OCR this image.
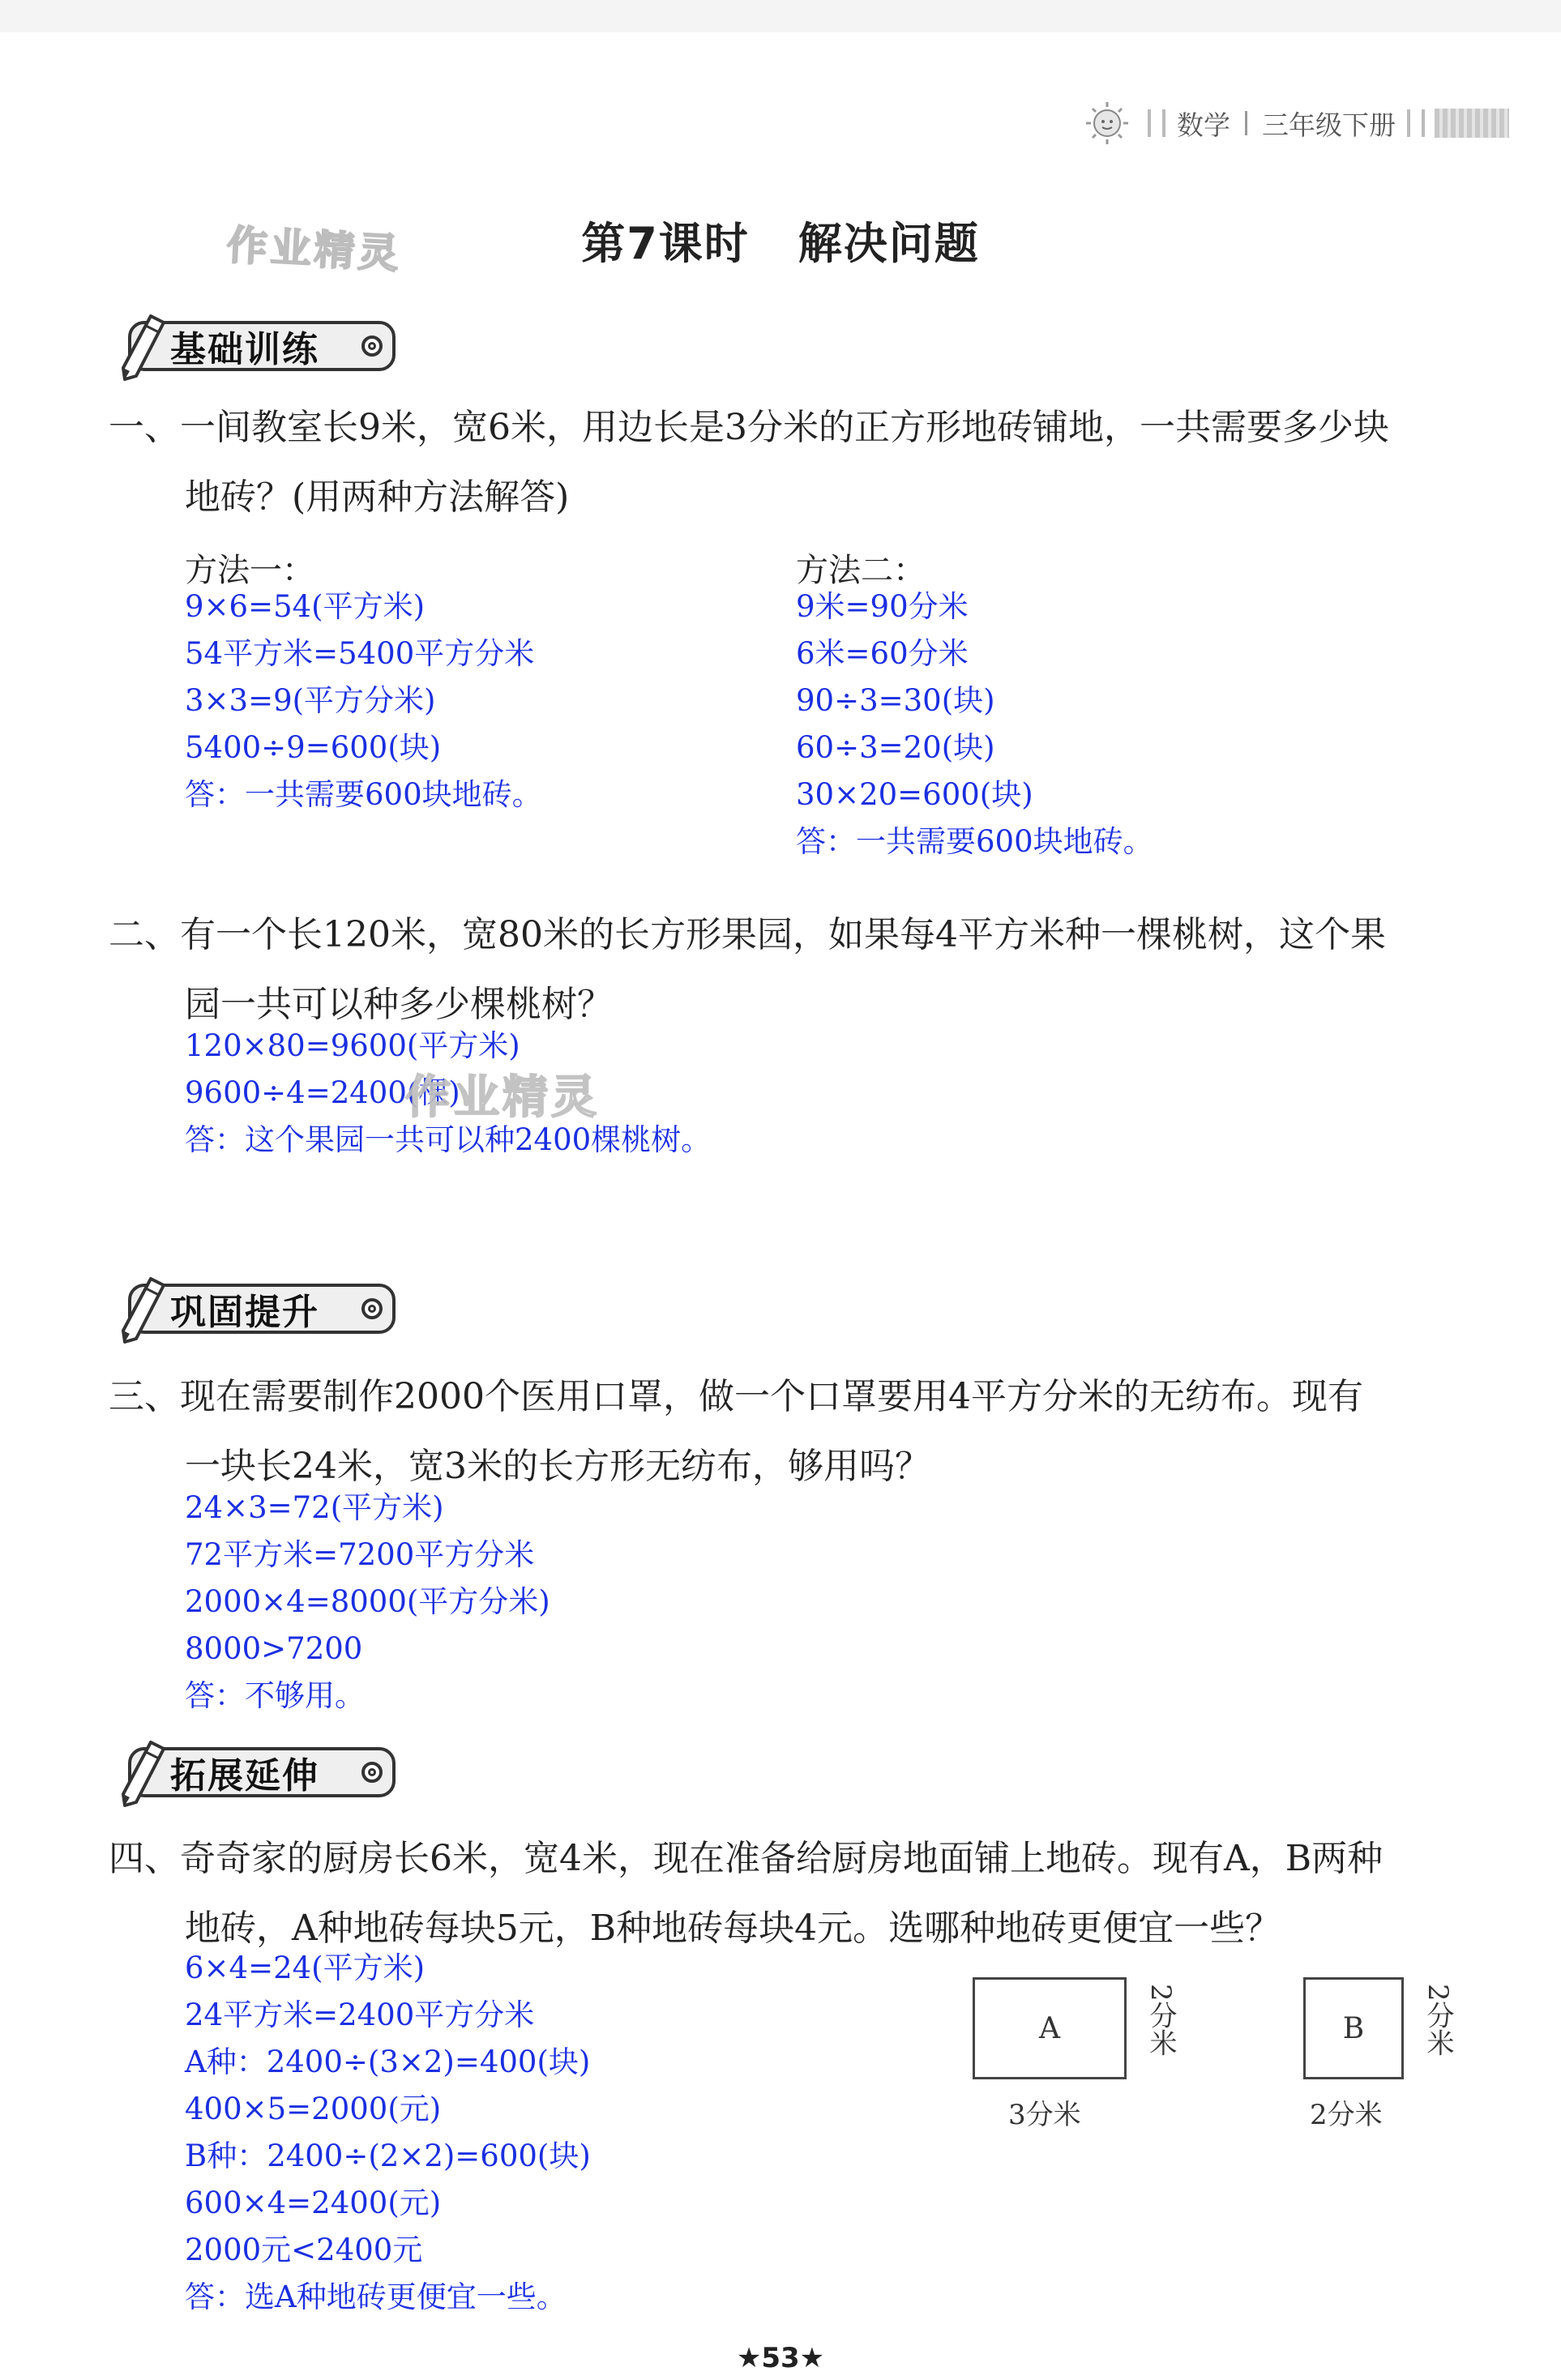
数学 三年级下册
作业精灵	第7课时 解决问题
基础训练
一、一间教室长9米，宽6米，用边长是3分米的正方形地砖铺地，一共需要多少块
地砖？(用两种方法解答)
方法一：
9×6=54(平方米)
54平方米=5400平方分米
3×3=9(平方分米)
5400÷9=600(块)
答：一共需要600块地砖。
方法二：
9米=90分米
6米=60分米
90÷3=30(块)
60÷3=20(块)
30×20=600(块)
答：一共需要600块地砖。
二、有一个长120米，宽80米的长方形果园，如果每4平方米种一棵桃树，这个果
园一共可以种多少棵桃树？
120×80=9600(平方米)
9600÷4=2400(棵)
答：这个果园一共可以种2400棵桃树。
作业精灵
巩固提升
三、现在需要制作2000个医用口罩，做一个口罩要用4平方分米的无纺布。现有
一块长24米，宽3米的长方形无纺布，够用吗？
24×3=72(平方米)
72平方米=7200平方分米
2000×4=8000(平方分米)
8000>7200
答：不够用。
拓展延伸
四、奇奇家的厨房长6米，宽4米，现在准备给厨房地面铺上地砖。现有A，B两种
地砖，A种地砖每块5元，B种地砖每块4元。选哪种地砖更便宜一些？
6×4=24(平方米)
24平方米=2400平方分米
A种：2400÷(3×2)=400(块)
400×5=2000(元)
B种：2400÷(2×2)=600(块)
600×4=2400(元)
2000元<2400元
答：选A种地砖更便宜一些。
A	2分米
3分米
B 2分米
2分米
★53★
